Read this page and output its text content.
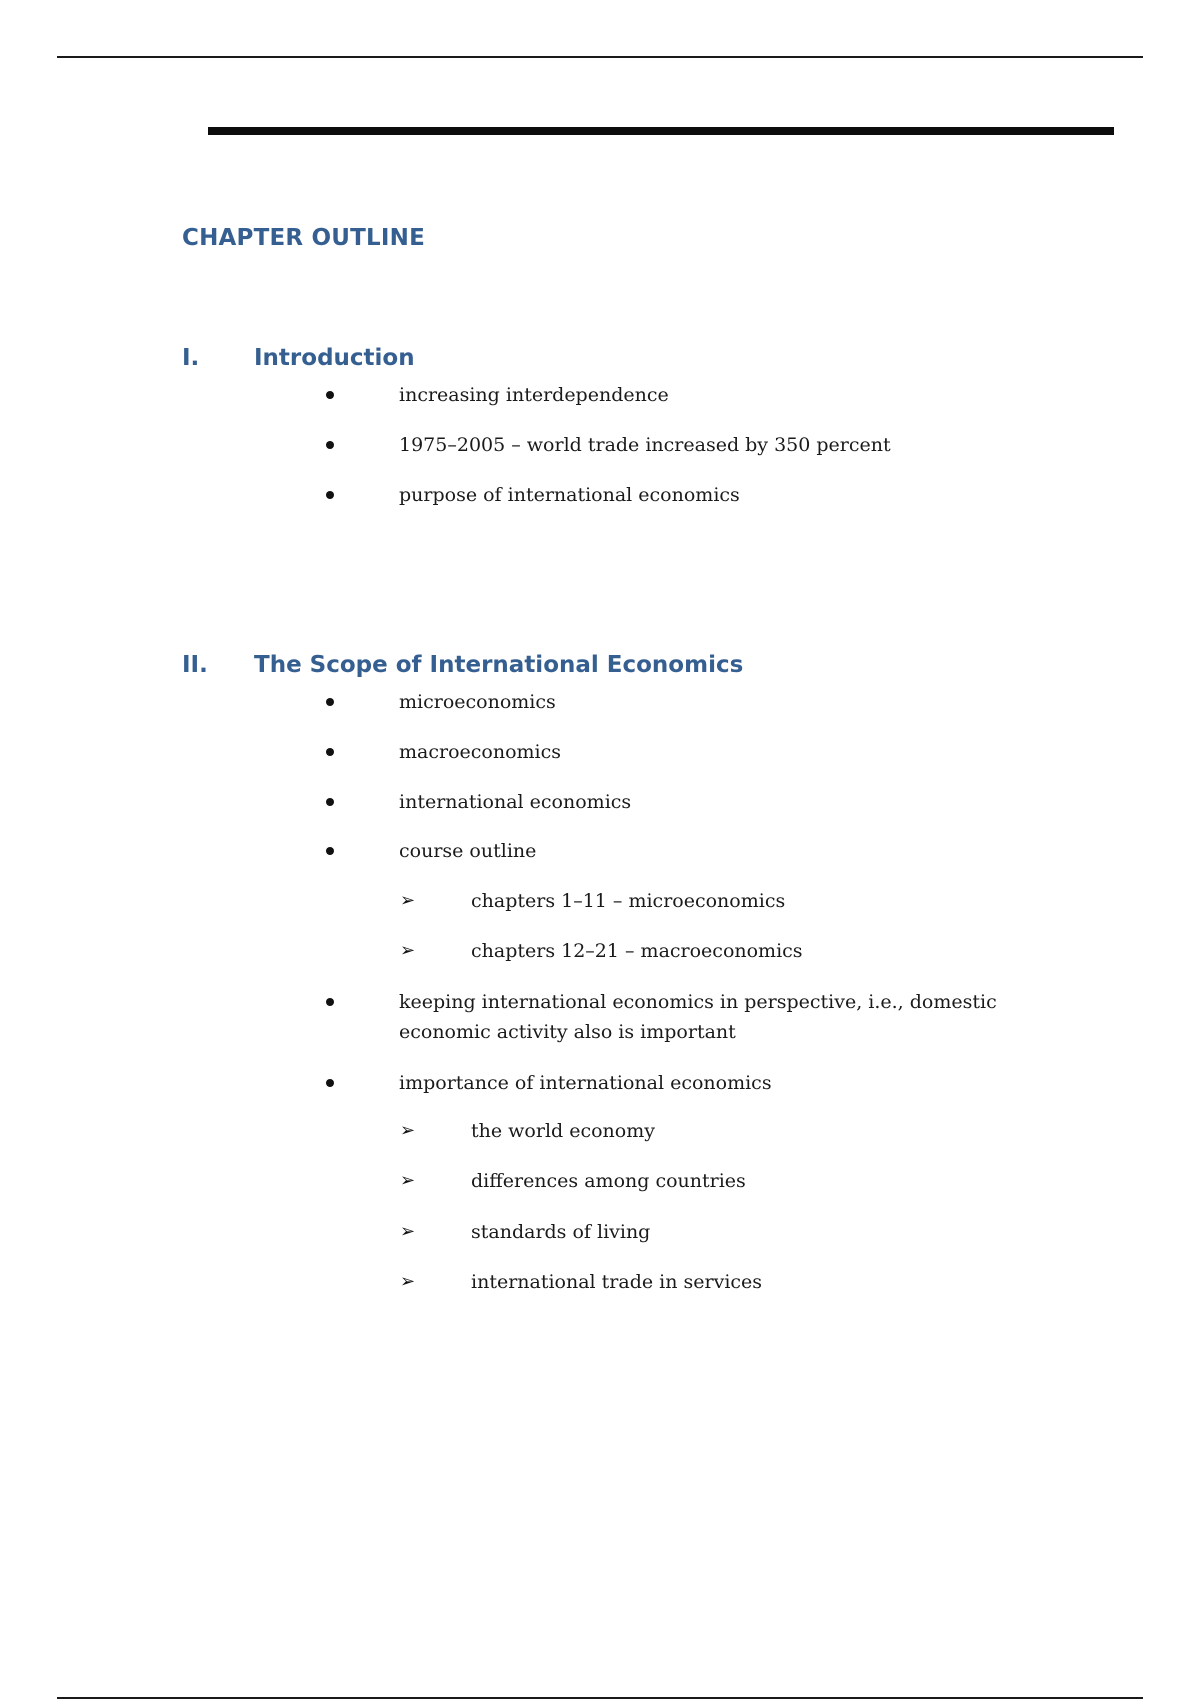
CHAPTER OUTLINE
I. Introduction
increasing interdependence
1975–2005 – world trade increased by 350 percent
purpose of international economics
II. The Scope of International Economics
microeconomics
macroeconomics
international economics
course outline
➢	chapters 1–11 – microeconomics
➢	chapters 12–21 – macroeconomics
keeping international economics in perspective, i.e., domestic economic activity also is important
importance of international economics
➢	the world economy
➢	differences among countries
➢	standards of living
➢	international trade in services
